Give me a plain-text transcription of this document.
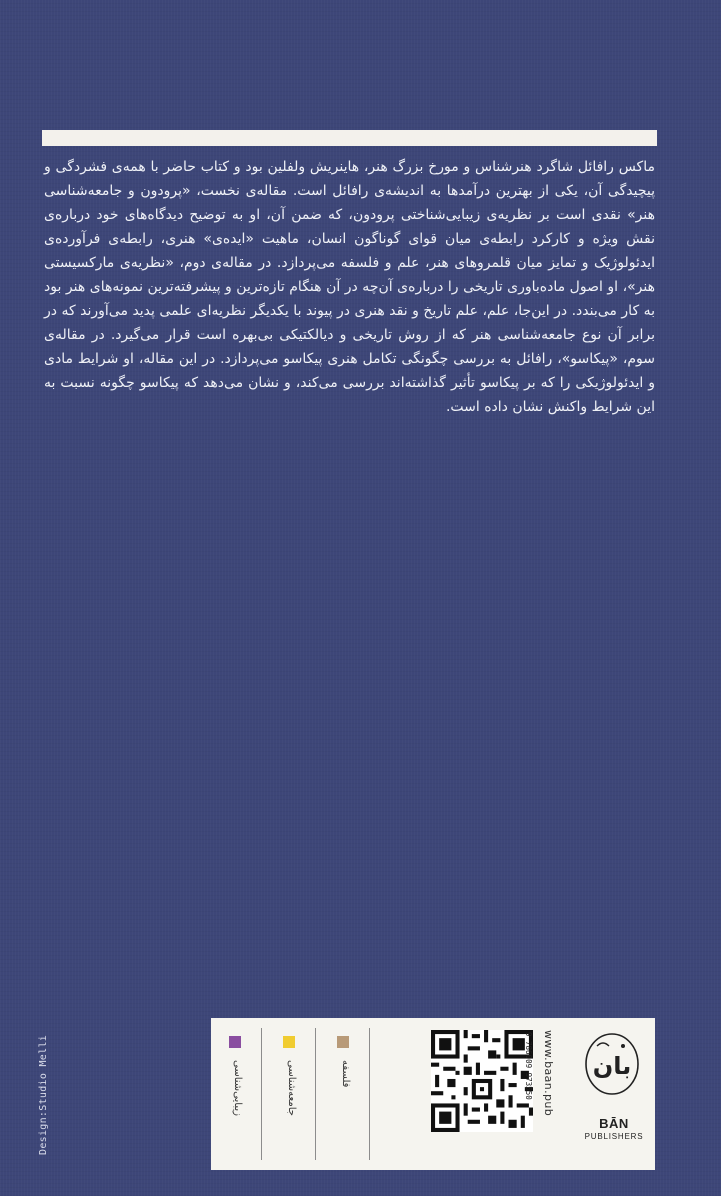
ماکس رافائل شاگرد هنرشناس و مورخ بزرگ هنر، هاینریش ولفلین بود و کتاب حاضر با همه‌ی فشردگی و پیچیدگی آن، یکی از بهترین درآمدها به اندیشه‌ی رافائل است. مقاله‌ی نخست، «پرودون و جامعه‌شناسی هنر» نقدی است بر نظریه‌ی زیبایی‌شناختی پرودون، که ضمن آن، او به توضیح دیدگاه‌های خود درباره‌ی نقش ویژه و کارکرد رابطه‌ی میان قوای گوناگون انسان، ماهیت «ایده‌ی» هنری، رابطه‌ی فرآورده‌ی ایدئولوژیک و تمایز میان قلمروهای هنر، علم و فلسفه می‌پردازد. در مقاله‌ی دوم، «نظریه‌ی مارکسیستی هنر»، او اصول ماده‌باوری تاریخی را درباره‌ی آن‌چه در آن هنگام تازه‌ترین و پیشرفته‌ترین نمونه‌های هنر بود به کار می‌بندد. در این‌جا، علم، علم تاریخ و نقد هنری در پیوند با یکدیگر نظریه‌ای علمی پدید می‌آورند که در برابر آن نوع جامعه‌شناسی هنر که از روش تاریخی و دیالکتیکی بی‌بهره است قرار می‌گیرد. در مقاله‌ی سوم، «پیکاسو»، رافائل به بررسی چگونگی تکامل هنری پیکاسو می‌پردازد. در این مقاله، او شرایط مادی و ایدئولوژیکی را که بر پیکاسو تأثیر گذاشته‌اند بررسی می‌کند، و نشان می‌دهد که پیکاسو چگونه نسبت به این شرایط واکنش نشان داده است.

Design:Studio Melli	زیبایی‌شناسی	جامعه‌شناسی	فلسفه	9 786009 973550 www.baan.pub بان
BĀN
PUBLISHERS
